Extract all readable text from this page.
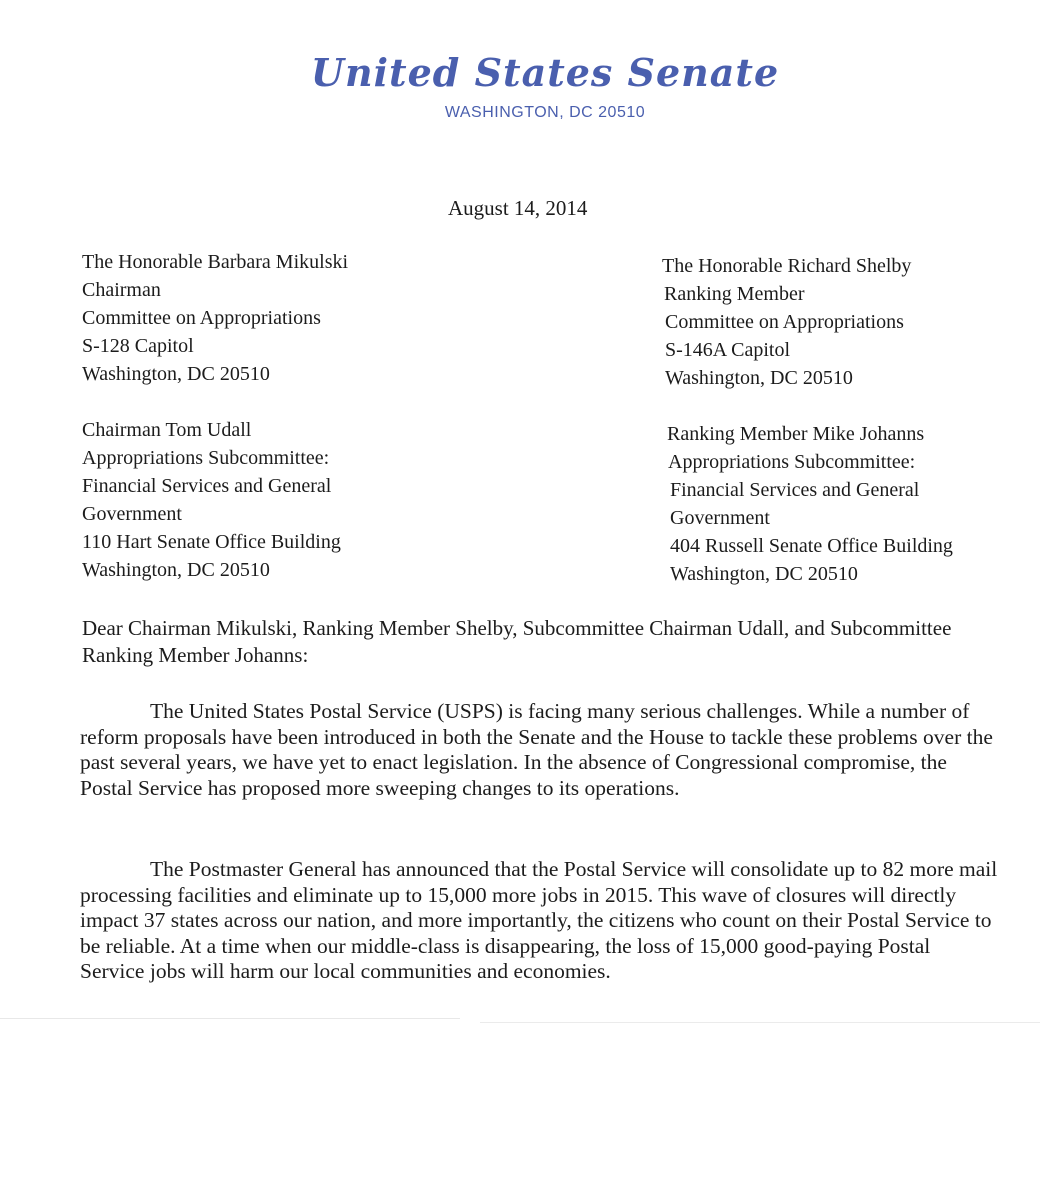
United States Senate
WASHINGTON, DC 20510
August 14, 2014
The Honorable Barbara Mikulski
Chairman
Committee on Appropriations
S-128 Capitol
Washington, DC 20510
The Honorable Richard Shelby
Ranking Member
Committee on Appropriations
S-146A Capitol
Washington, DC 20510
Chairman Tom Udall
Appropriations Subcommittee:
Financial Services and General
Government
110 Hart Senate Office Building
Washington, DC 20510
Ranking Member Mike Johanns
Appropriations Subcommittee:
Financial Services and General
Government
404 Russell Senate Office Building
Washington, DC 20510
Dear Chairman Mikulski, Ranking Member Shelby, Subcommittee Chairman Udall, and Subcommittee Ranking Member Johanns:
The United States Postal Service (USPS) is facing many serious challenges. While a number of reform proposals have been introduced in both the Senate and the House to tackle these problems over the past several years, we have yet to enact legislation. In the absence of Congressional compromise, the Postal Service has proposed more sweeping changes to its operations.
The Postmaster General has announced that the Postal Service will consolidate up to 82 more mail processing facilities and eliminate up to 15,000 more jobs in 2015. This wave of closures will directly impact 37 states across our nation, and more importantly, the citizens who count on their Postal Service to be reliable. At a time when our middle-class is disappearing, the loss of 15,000 good-paying Postal Service jobs will harm our local communities and economies.
